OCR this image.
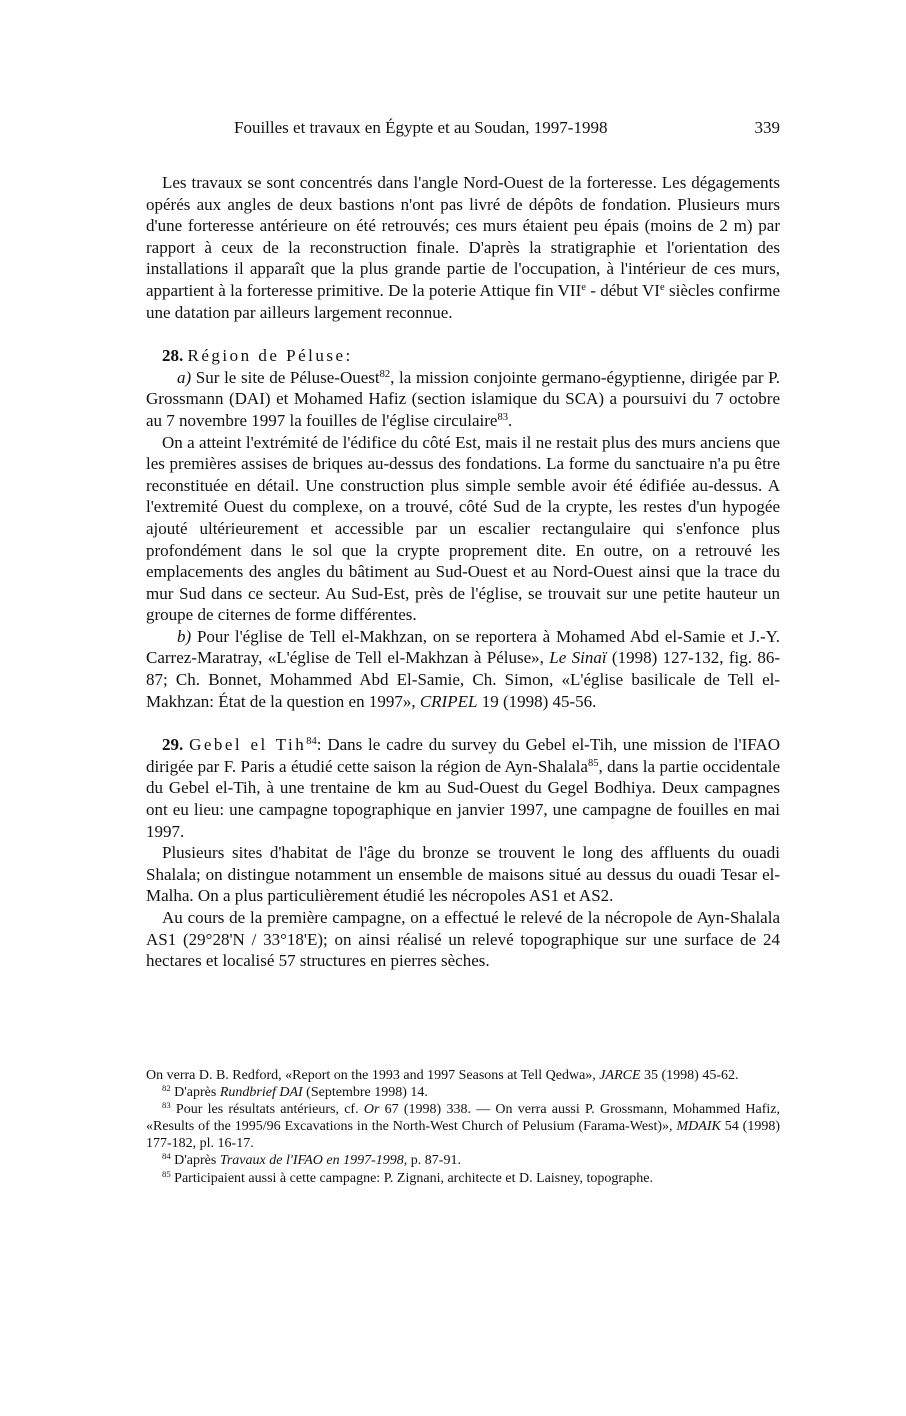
Fouilles et travaux en Égypte et au Soudan, 1997-1998	339

Les travaux se sont concentrés dans l'angle Nord-Ouest de la forteresse. Les dégagements opérés aux angles de deux bastions n'ont pas livré de dépôts de fondation. Plusieurs murs d'une forteresse antérieure on été retrouvés; ces murs étaient peu épais (moins de 2 m) par rapport à ceux de la reconstruction finale. D'après la stratigraphie et l'orientation des installations il apparaît que la plus grande partie de l'occupation, à l'intérieur de ces murs, appartient à la forteresse primitive. De la poterie Attique fin VIIe - début VIe siècles confirme une datation par ailleurs largement reconnue.

28. Région de Péluse:

a) Sur le site de Péluse-Ouest$^{82}$, la mission conjointe germano-égyptienne, dirigée par P. Grossmann (DAI) et Mohamed Hafiz (section islamique du SCA) a poursuivi du 7 octobre au 7 novembre 1997 la fouilles de l'église circulaire$^{83}$.

On a atteint l'extrémité de l'édifice du côté Est, mais il ne restait plus des murs anciens que les premières assises de briques au-dessus des fondations. La forme du sanctuaire n'a pu être reconstituée en détail. Une construction plus simple semble avoir été édifiée au-dessus. A l'extremité Ouest du complexe, on a trouvé, côté Sud de la crypte, les restes d'un hypogée ajouté ultérieurement et accessible par un escalier rectangulaire qui s'enfonce plus profondément dans le sol que la crypte proprement dite. En outre, on a retrouvé les emplacements des angles du bâtiment au Sud-Ouest et au Nord-Ouest ainsi que la trace du mur Sud dans ce secteur. Au Sud-Est, près de l'église, se trouvait sur une petite hauteur un groupe de citernes de forme différentes.

b) Pour l'église de Tell el-Makhzan, on se reportera à Mohamed Abd el-Samie et J.-Y. Carrez-Maratray, «L'église de Tell el-Makhzan à Péluse», Le Sinaï (1998) 127-132, fig. 86-87; Ch. Bonnet, Mohammed Abd El-Samie, Ch. Simon, «L'église basilicale de Tell el-Makhzan: État de la question en 1997», CRIPEL 19 (1998) 45-56.

29. Gebel el Tih$^{84}$: Dans le cadre du survey du Gebel el-Tih, une mission de l'IFAO dirigée par F. Paris a étudié cette saison la région de Ayn-Shalala$^{85}$, dans la partie occidentale du Gebel el-Tih, à une trentaine de km au Sud-Ouest du Gegel Bodhiya. Deux campagnes ont eu lieu: une campagne topographique en janvier 1997, une campagne de fouilles en mai 1997.

Plusieurs sites d'habitat de l'âge du bronze se trouvent le long des affluents du ouadi Shalala; on distingue notamment un ensemble de maisons situé au dessus du ouadi Tesar el-Malha. On a plus particulièrement étudié les nécropoles AS1 et AS2.

Au cours de la première campagne, on a effectué le relevé de la nécropole de Ayn-Shalala AS1 (29°28'N / 33°18'E); on ainsi réalisé un relevé topographique sur une surface de 24 hectares et localisé 57 structures en pierres sèches.

On verra D. B. Redford, «Report on the 1993 and 1997 Seasons at Tell Qedwa», JARCE 35 (1998) 45-62.

$^{82}$ D'après Rundbrief DAI (Septembre 1998) 14.

$^{83}$ Pour les résultats antérieurs, cf. Or 67 (1998) 338. — On verra aussi P. Grossmann, Mohammed Hafiz, «Results of the 1995/96 Excavations in the North-West Church of Pelusium (Farama-West)», MDAIK 54 (1998) 177-182, pl. 16-17.

$^{84}$ D'après Travaux de l'IFAO en 1997-1998, p. 87-91.

$^{85}$ Participaient aussi à cette campagne: P. Zignani, architecte et D. Laisney, topographe.
